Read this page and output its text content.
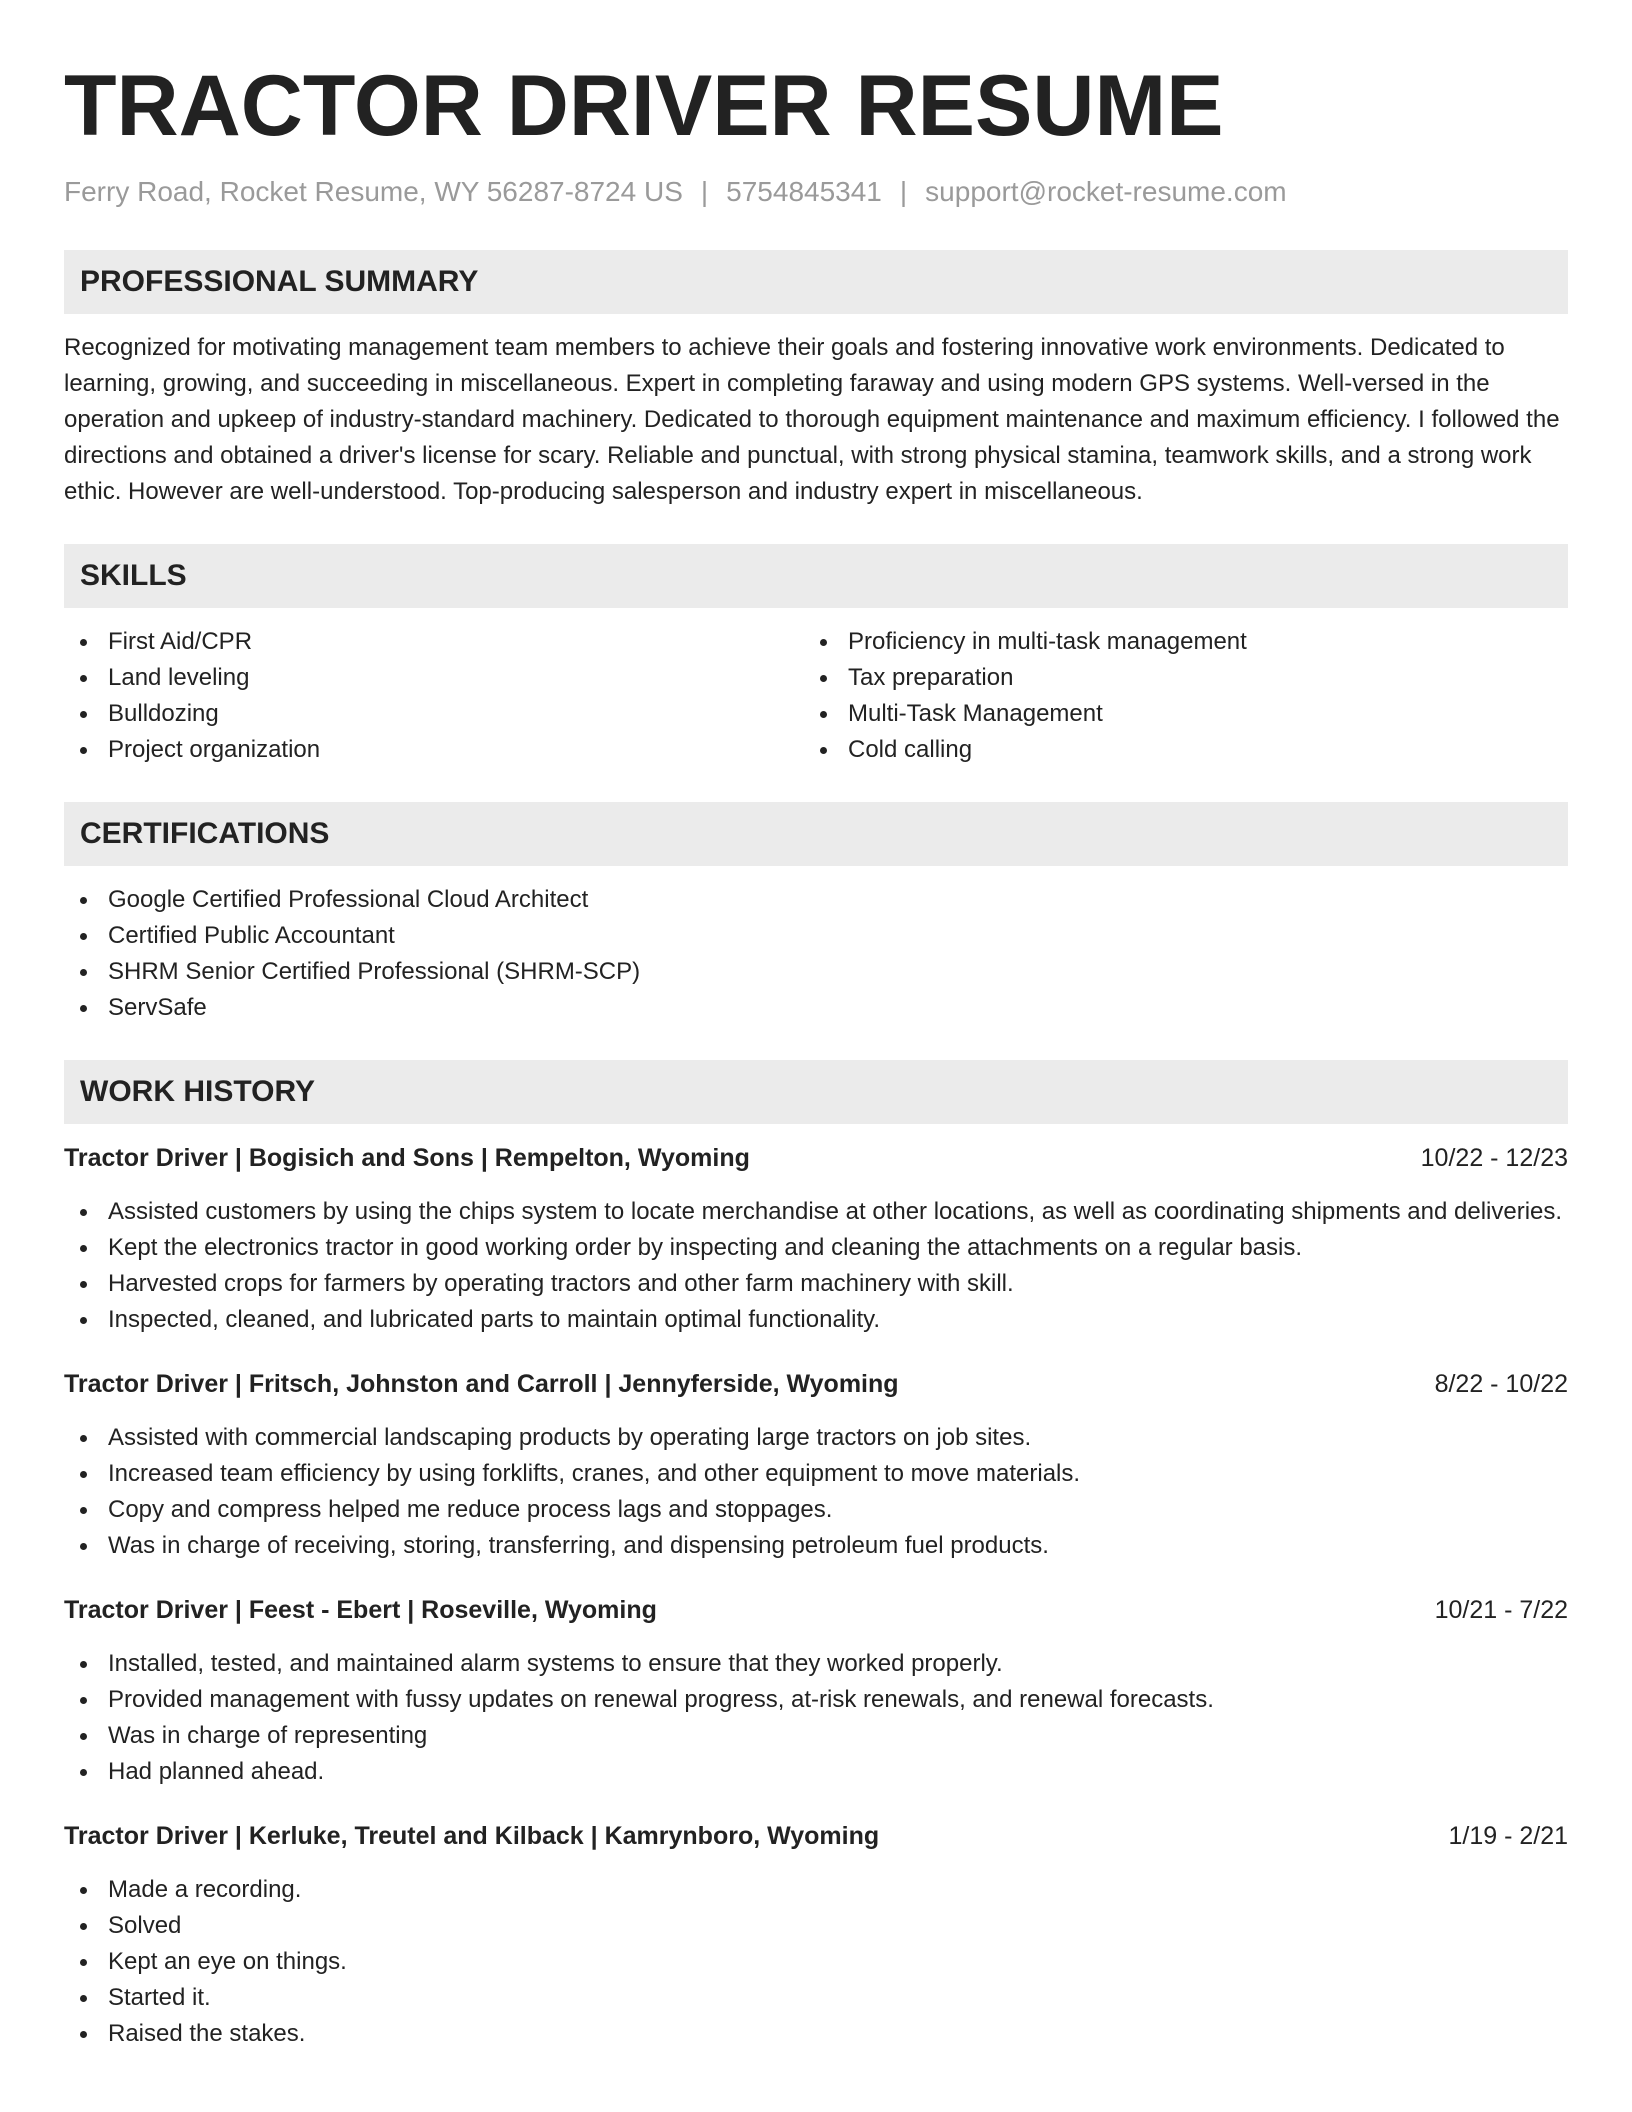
TRACTOR DRIVER RESUME
Ferry Road, Rocket Resume, WY 56287-8724 US | 5754845341 | support@rocket-resume.com
PROFESSIONAL SUMMARY
Recognized for motivating management team members to achieve their goals and fostering innovative work environments. Dedicated to learning, growing, and succeeding in miscellaneous. Expert in completing faraway and using modern GPS systems. Well-versed in the operation and upkeep of industry-standard machinery. Dedicated to thorough equipment maintenance and maximum efficiency. I followed the directions and obtained a driver's license for scary. Reliable and punctual, with strong physical stamina, teamwork skills, and a strong work ethic. However are well-understood. Top-producing salesperson and industry expert in miscellaneous.
SKILLS
First Aid/CPR
Land leveling
Bulldozing
Project organization
Proficiency in multi-task management
Tax preparation
Multi-Task Management
Cold calling
CERTIFICATIONS
Google Certified Professional Cloud Architect
Certified Public Accountant
SHRM Senior Certified Professional (SHRM-SCP)
ServSafe
WORK HISTORY
Tractor Driver | Bogisich and Sons | Rempelton, Wyoming	10/22 - 12/23
Assisted customers by using the chips system to locate merchandise at other locations, as well as coordinating shipments and deliveries.
Kept the electronics tractor in good working order by inspecting and cleaning the attachments on a regular basis.
Harvested crops for farmers by operating tractors and other farm machinery with skill.
Inspected, cleaned, and lubricated parts to maintain optimal functionality.
Tractor Driver | Fritsch, Johnston and Carroll | Jennyferside, Wyoming	8/22 - 10/22
Assisted with commercial landscaping products by operating large tractors on job sites.
Increased team efficiency by using forklifts, cranes, and other equipment to move materials.
Copy and compress helped me reduce process lags and stoppages.
Was in charge of receiving, storing, transferring, and dispensing petroleum fuel products.
Tractor Driver | Feest - Ebert | Roseville, Wyoming	10/21 - 7/22
Installed, tested, and maintained alarm systems to ensure that they worked properly.
Provided management with fussy updates on renewal progress, at-risk renewals, and renewal forecasts.
Was in charge of representing
Had planned ahead.
Tractor Driver | Kerluke, Treutel and Kilback | Kamrynboro, Wyoming	1/19 - 2/21
Made a recording.
Solved
Kept an eye on things.
Started it.
Raised the stakes.
